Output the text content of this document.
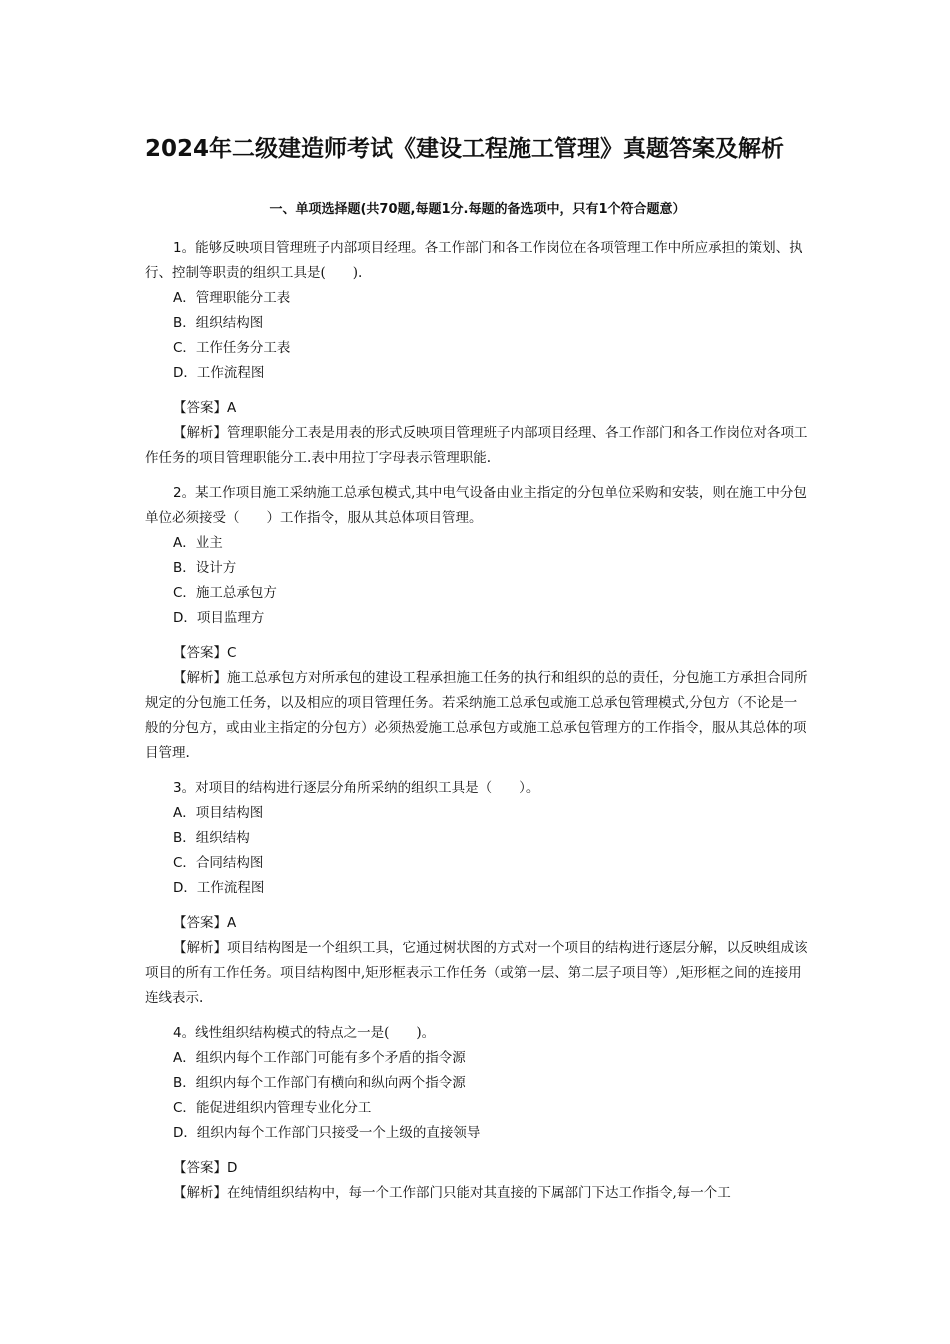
2024年二级建造师考试《建设工程施工管理》真题答案及解析
一、单项选择题(共70题,每题1分.每题的备选项中，只有1个符合题意）

1。能够反映项目管理班子内部项目经理。各工作部门和各工作岗位在各项管理工作中所应承担的策划、执行、控制等职责的组织工具是(　　).

A．管理职能分工表

B．组织结构图

C．工作任务分工表

D．工作流程图

【答案】A

【解析】管理职能分工表是用表的形式反映项目管理班子内部项目经理、各工作部门和各工作岗位对各项工作任务的项目管理职能分工.表中用拉丁字母表示管理职能.

2。某工作项目施工采纳施工总承包模式,其中电气设备由业主指定的分包单位采购和安装，则在施工中分包单位必须接受（　　）工作指令，服从其总体项目管理。

A．业主

B．设计方

C．施工总承包方

D．项目监理方

【答案】C

【解析】施工总承包方对所承包的建设工程承担施工任务的执行和组织的总的责任，分包施工方承担合同所规定的分包施工任务，以及相应的项目管理任务。若采纳施工总承包或施工总承包管理模式,分包方（不论是一般的分包方，或由业主指定的分包方）必须热爱施工总承包方或施工总承包管理方的工作指令，服从其总体的项目管理.

3。对项目的结构进行逐层分角所采纳的组织工具是（　　）。

A．项目结构图

B．组织结构

C．合同结构图

D．工作流程图

【答案】A

【解析】项目结构图是一个组织工具，它通过树状图的方式对一个项目的结构进行逐层分解，以反映组成该项目的所有工作任务。项目结构图中,矩形框表示工作任务（或第一层、第二层子项目等）,矩形框之间的连接用连线表示.

4。线性组织结构模式的特点之一是(　　)。

A．组织内每个工作部门可能有多个矛盾的指令源

B．组织内每个工作部门有横向和纵向两个指令源

C．能促进组织内管理专业化分工

D．组织内每个工作部门只接受一个上级的直接领导

【答案】D

【解析】在纯情组织结构中，每一个工作部门只能对其直接的下属部门下达工作指令,每一个工
